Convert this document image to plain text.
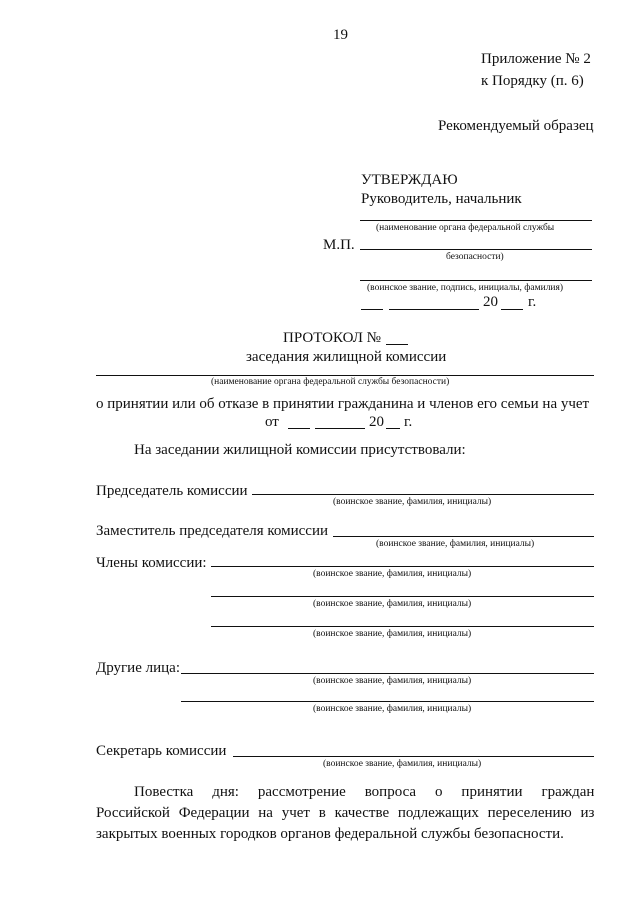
19
Приложение № 2
к Порядку (п. 6)
Рекомендуемый образец
УТВЕРЖДАЮ
Руководитель, начальник
(наименование органа федеральной службы
М.П.
безопасности)
(воинское звание, подпись, инициалы, фамилия)
20 г.
ПРОТОКОЛ №
заседания жилищной комиссии
(наименование органа федеральной службы безопасности)
о принятии или об отказе в принятии гражданина и членов его семьи на учет
от	20 г.
На заседании жилищной комиссии присутствовали:
Председатель комиссии
(воинское звание, фамилия, инициалы)
Заместитель председателя комиссии
(воинское звание, фамилия, инициалы)
Члены комиссии:
(воинское звание, фамилия, инициалы)
(воинское звание, фамилия, инициалы)
(воинское звание, фамилия, инициалы)
Другие лица:
(воинское звание, фамилия, инициалы)
(воинское звание, фамилия, инициалы)
Секретарь комиссии
(воинское звание, фамилия, инициалы)
Повестка дня: рассмотрение вопроса о принятии граждан
Российской Федерации на учет в качестве подлежащих переселению из
закрытых военных городков органов федеральной службы безопасности.
